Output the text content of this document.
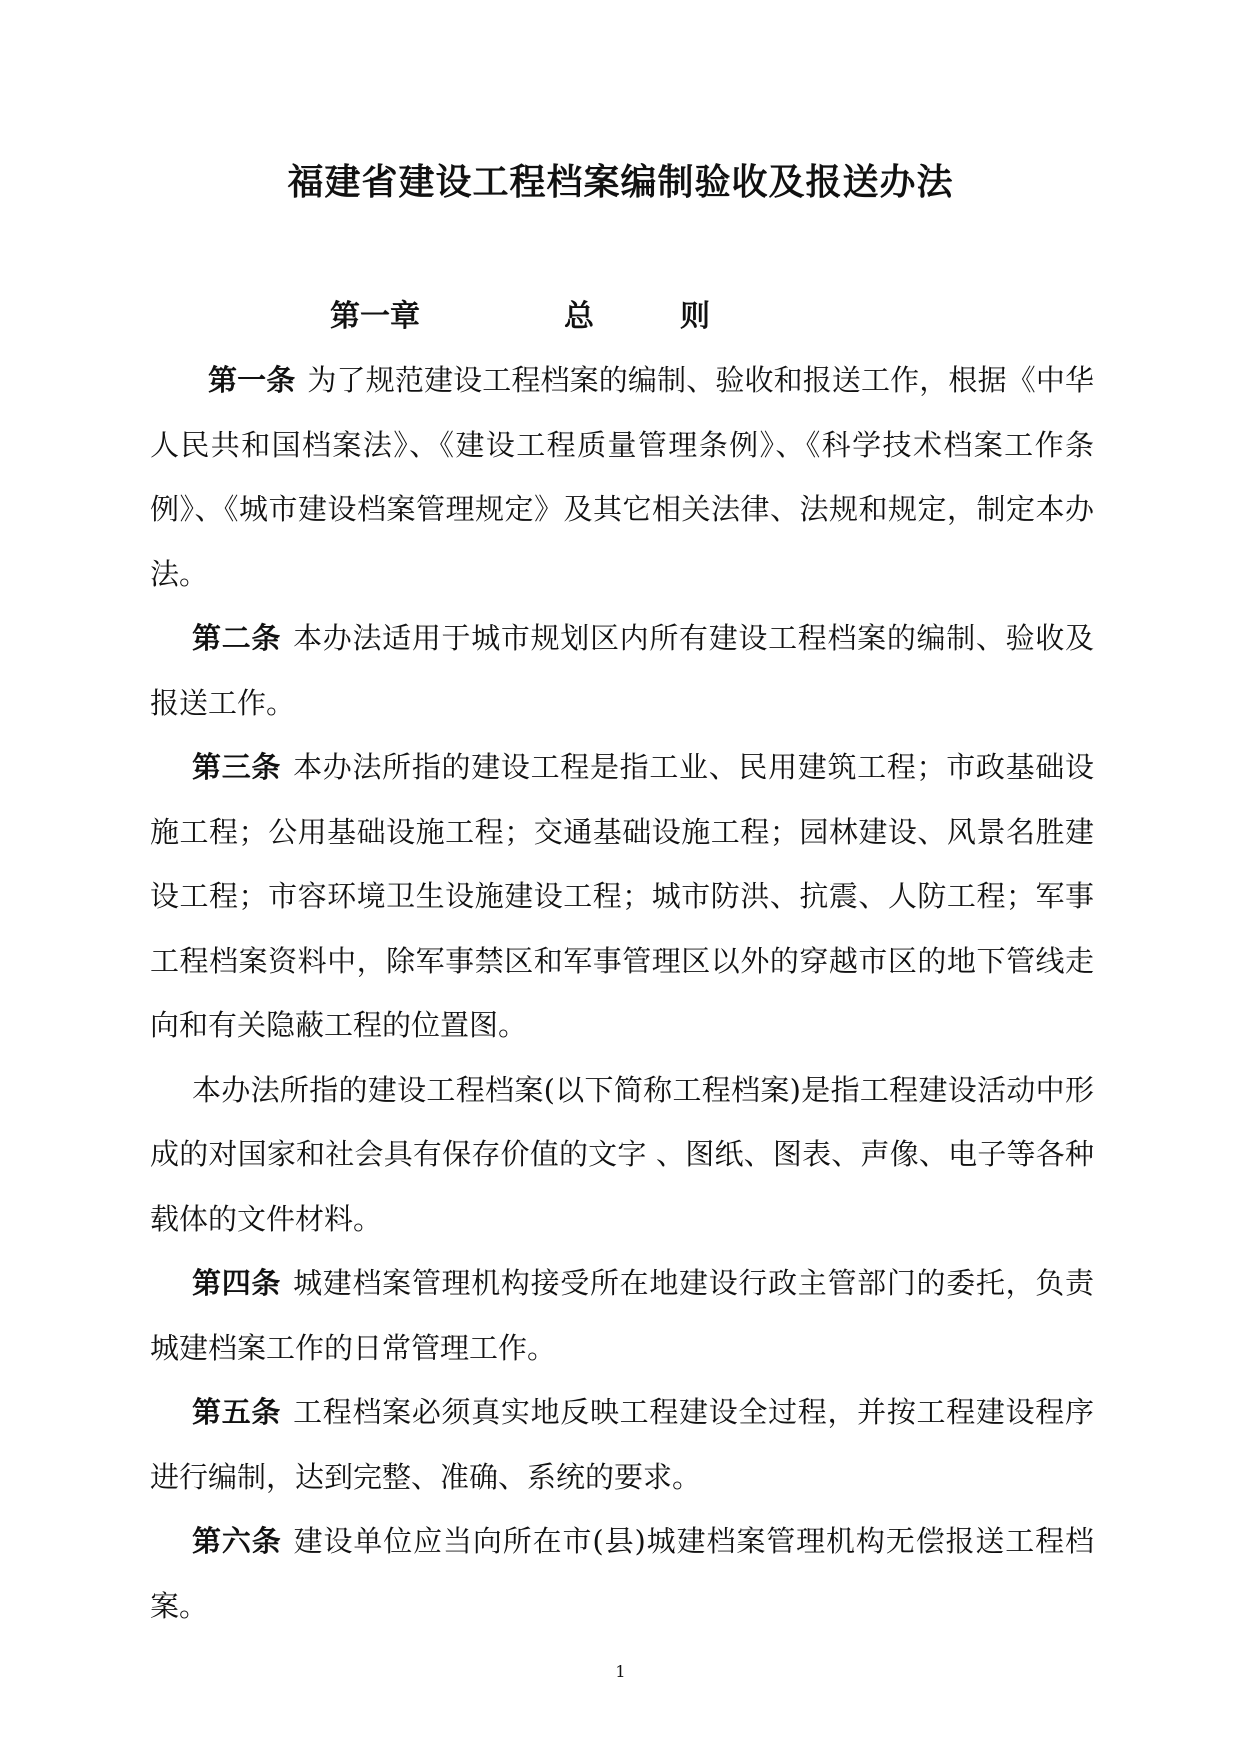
福建省建设工程档案编制验收及报送办法
第一章	总	则

第一条 为了规范建设工程档案的编制、验收和报送工作，根据《中华人民共和国档案法》、《建设工程质量管理条例》、《科学技术档案工作条例》、《城市建设档案管理规定》及其它相关法律、法规和规定，制定本办法。

第二条 本办法适用于城市规划区内所有建设工程档案的编制、验收及报送工作。

第三条 本办法所指的建设工程是指工业、民用建筑工程；市政基础设施工程；公用基础设施工程；交通基础设施工程；园林建设、风景名胜建设工程；市容环境卫生设施建设工程；城市防洪、抗震、人防工程；军事工程档案资料中，除军事禁区和军事管理区以外的穿越市区的地下管线走向和有关隐蔽工程的位置图。

本办法所指的建设工程档案(以下简称工程档案)是指工程建设活动中形成的对国家和社会具有保存价值的文字 、图纸、图表、声像、电子等各种载体的文件材料。

第四条 城建档案管理机构接受所在地建设行政主管部门的委托，负责城建档案工作的日常管理工作。

第五条 工程档案必须真实地反映工程建设全过程，并按工程建设程序进行编制，达到完整、准确、系统的要求。

第六条 建设单位应当向所在市(县)城建档案管理机构无偿报送工程档案。

1
